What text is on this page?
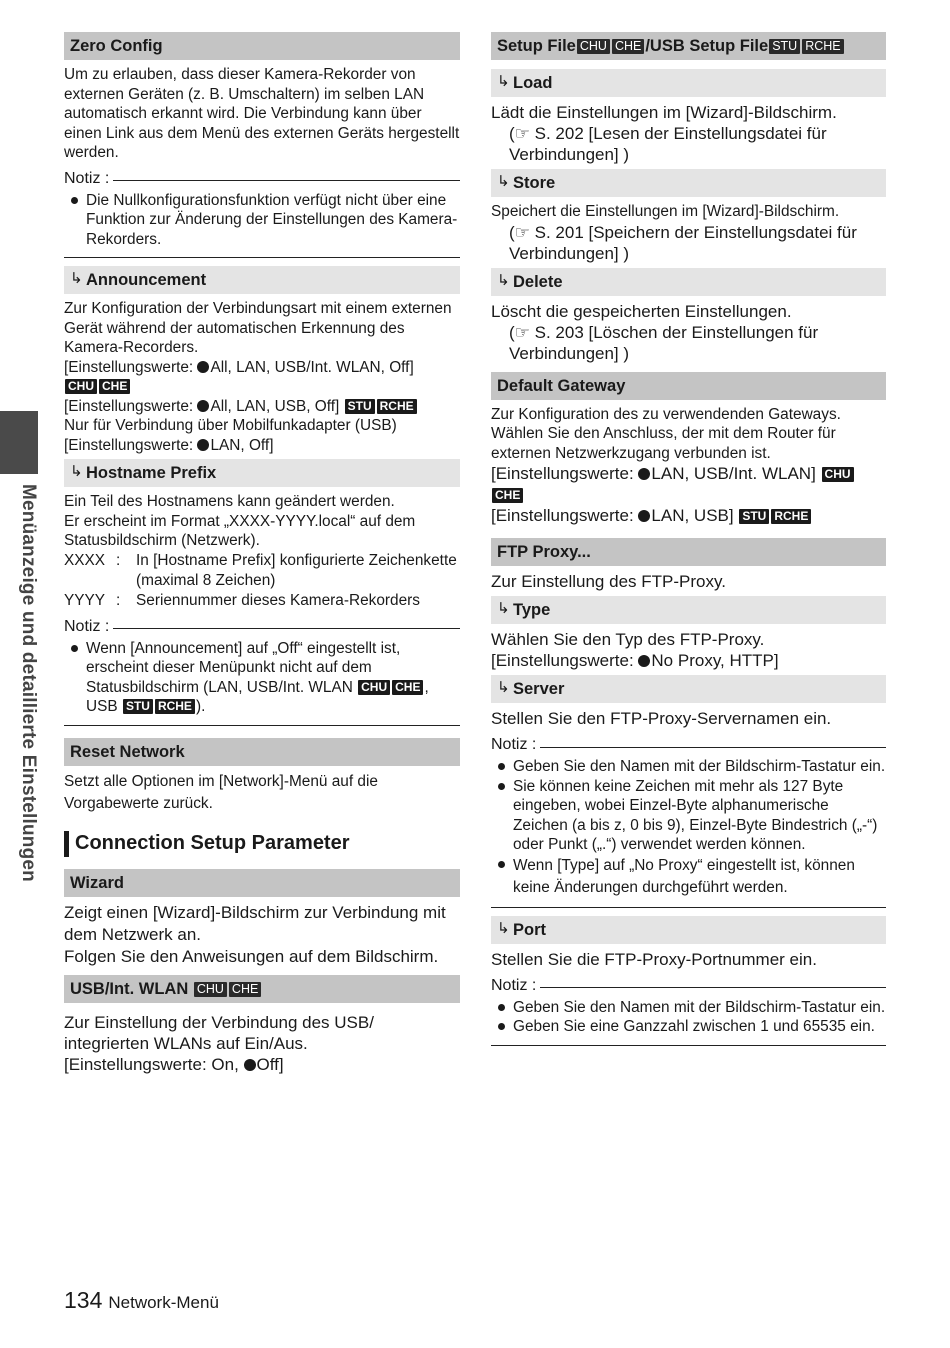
Menüanzeige und detaillierte Einstellungen
Zero Config

Um zu erlauben, dass dieser Kamera-Rekorder von externen Geräten (z. B. Umschaltern) im selben LAN automatisch erkannt wird. Die Verbindung kann über einen Link aus dem Menü des externen Geräts hergestellt werden.

Notiz :
Die Nullkonfigurationsfunktion verfügt nicht über eine Funktion zur Änderung der Einstellungen des Kamera-Rekorders.
↳ Announcement

Zur Konfiguration der Verbindungsart mit einem externen Gerät während der automatischen Erkennung des Kamera-Recorders.

[Einstellungswerte: All, LAN, USB/Int. WLAN, Off]
CHU CHE

[Einstellungswerte: All, LAN, USB, Off] STU RCHE

Nur für Verbindung über Mobilfunkadapter (USB)

[Einstellungswerte: LAN, Off]

↳ Hostname Prefix

Ein Teil des Hostnamens kann geändert werden.

Er erscheint im Format „XXXX-YYYY.local“ auf dem Statusbildschirm (Netzwerk).

XXXX :	In [Hostname Prefix] konfigurierte Zeichenkette (maximal 8 Zeichen)
YYYY :	Seriennummer dieses Kamera-Rekorders
Notiz :
Wenn [Announcement] auf „Off“ eingestellt ist, erscheint dieser Menüpunkt nicht auf dem Statusbildschirm (LAN, USB/Int. WLAN CHU CHE , USB STU RCHE ).
Reset Network

Setzt alle Optionen im [Network]-Menü auf die Vorgabewerte zurück.

Connection Setup Parameter
Wizard

Zeigt einen [Wizard]-Bildschirm zur Verbindung mit dem Netzwerk an.

Folgen Sie den Anweisungen auf dem Bildschirm.

USB/Int. WLAN CHU CHE

Zur Einstellung der Verbindung des USB/ integrierten WLANs auf Ein/Aus.

[Einstellungswerte: On, Off]

Setup File CHU CHE /USB Setup File STU RCHE
↳ Load

Lädt die Einstellungen im [Wizard]-Bildschirm.

(☞ S. 202 [Lesen der Einstellungsdatei für Verbindungen] )

↳ Store

Speichert die Einstellungen im [Wizard]-Bildschirm.

(☞ S. 201 [Speichern der Einstellungsdatei für Verbindungen] )

↳ Delete

Löscht die gespeicherten Einstellungen.

(☞ S. 203 [Löschen der Einstellungen für Verbindungen] )

Default Gateway

Zur Konfiguration des zu verwendenden Gateways. Wählen Sie den Anschluss, der mit dem Router für externen Netzwerkzugang verbunden ist.

[Einstellungswerte: LAN, USB/Int. WLAN] CHU
CHE

[Einstellungswerte: LAN, USB] STU RCHE

FTP Proxy...

Zur Einstellung des FTP-Proxy.

↳ Type

Wählen Sie den Typ des FTP-Proxy.

[Einstellungswerte: No Proxy, HTTP]

↳ Server

Stellen Sie den FTP-Proxy-Servernamen ein.

Notiz :
Geben Sie den Namen mit der Bildschirm-Tastatur ein.
Sie können keine Zeichen mit mehr als 127 Byte eingeben, wobei Einzel-Byte alphanumerische Zeichen (a bis z, 0 bis 9), Einzel-Byte Bindestrich („-“) oder Punkt („.“) verwendet werden können.
Wenn [Type] auf „No Proxy“ eingestellt ist, können keine Änderungen durchgeführt werden.
↳ Port

Stellen Sie die FTP-Proxy-Portnummer ein.

Notiz :
Geben Sie den Namen mit der Bildschirm-Tastatur ein.
Geben Sie eine Ganzzahl zwischen 1 und 65535 ein.
134 Network-Menü
